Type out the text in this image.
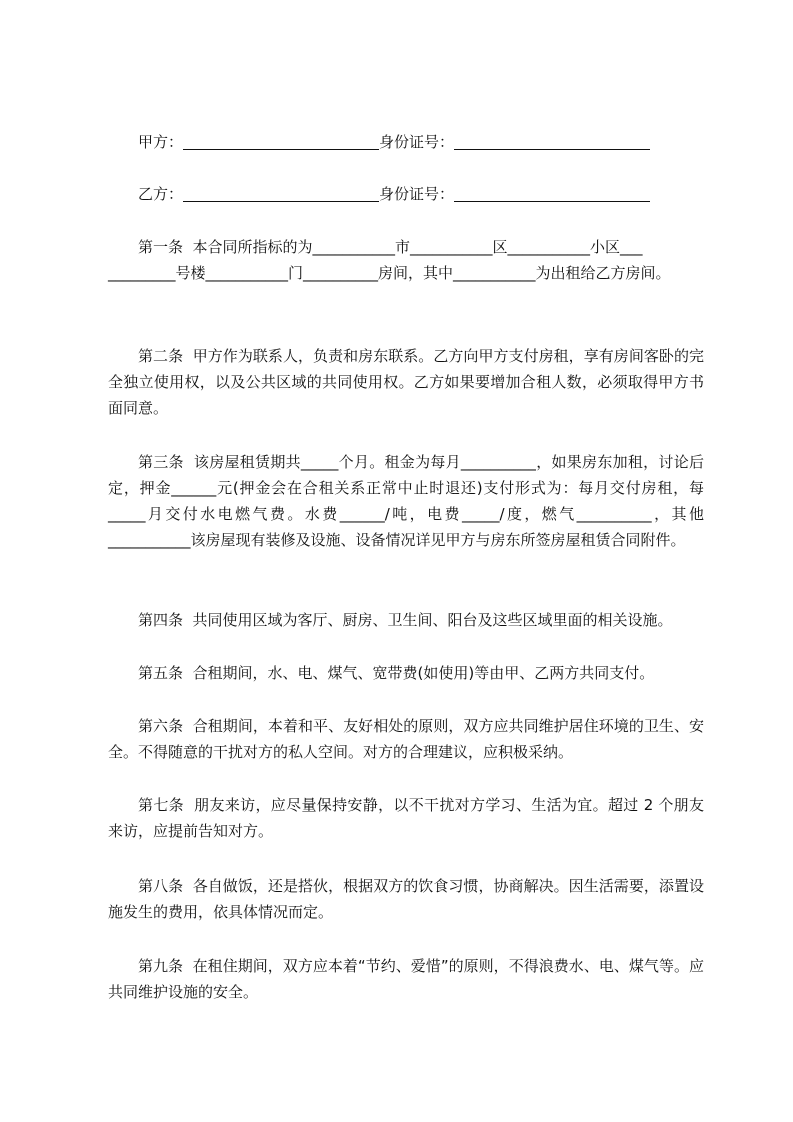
甲方：	身份证号：

乙方：	身份证号：

第一条  本合同所指标的为___________市___________区___________小区___
_________号楼___________门__________房间，其中___________为出租给乙方房间。

第二条  甲方作为联系人，负责和房东联系。乙方向甲方支付房租，享有房间客卧的完全独立使用权，以及公共区域的共同使用权。乙方如果要增加合租人数，必须取得甲方书面同意。

第三条  该房屋租赁期共_____个月。租金为每月__________，如果房东加租，讨论后定，押金______元(押金会在合租关系正常中止时退还)支付形式为：每月交付房租，每_____月交付水电燃气费。水费______/吨，电费_____/度，燃气__________，其他___________该房屋现有装修及设施、设备情况详见甲方与房东所签房屋租赁合同附件。

第四条  共同使用区域为客厅、厨房、卫生间、阳台及这些区域里面的相关设施。

第五条  合租期间，水、电、煤气、宽带费(如使用)等由甲、乙两方共同支付。

第六条  合租期间，本着和平、友好相处的原则，双方应共同维护居住环境的卫生、安全。不得随意的干扰对方的私人空间。对方的合理建议，应积极采纳。

第七条  朋友来访，应尽量保持安静，以不干扰对方学习、生活为宜。超过 2 个朋友来访，应提前告知对方。

第八条  各自做饭，还是搭伙，根据双方的饮食习惯，协商解决。因生活需要，添置设施发生的费用，依具体情况而定。

第九条  在租住期间，双方应本着“节约、爱惜”的原则，不得浪费水、电、煤气等。应共同维护设施的安全。
